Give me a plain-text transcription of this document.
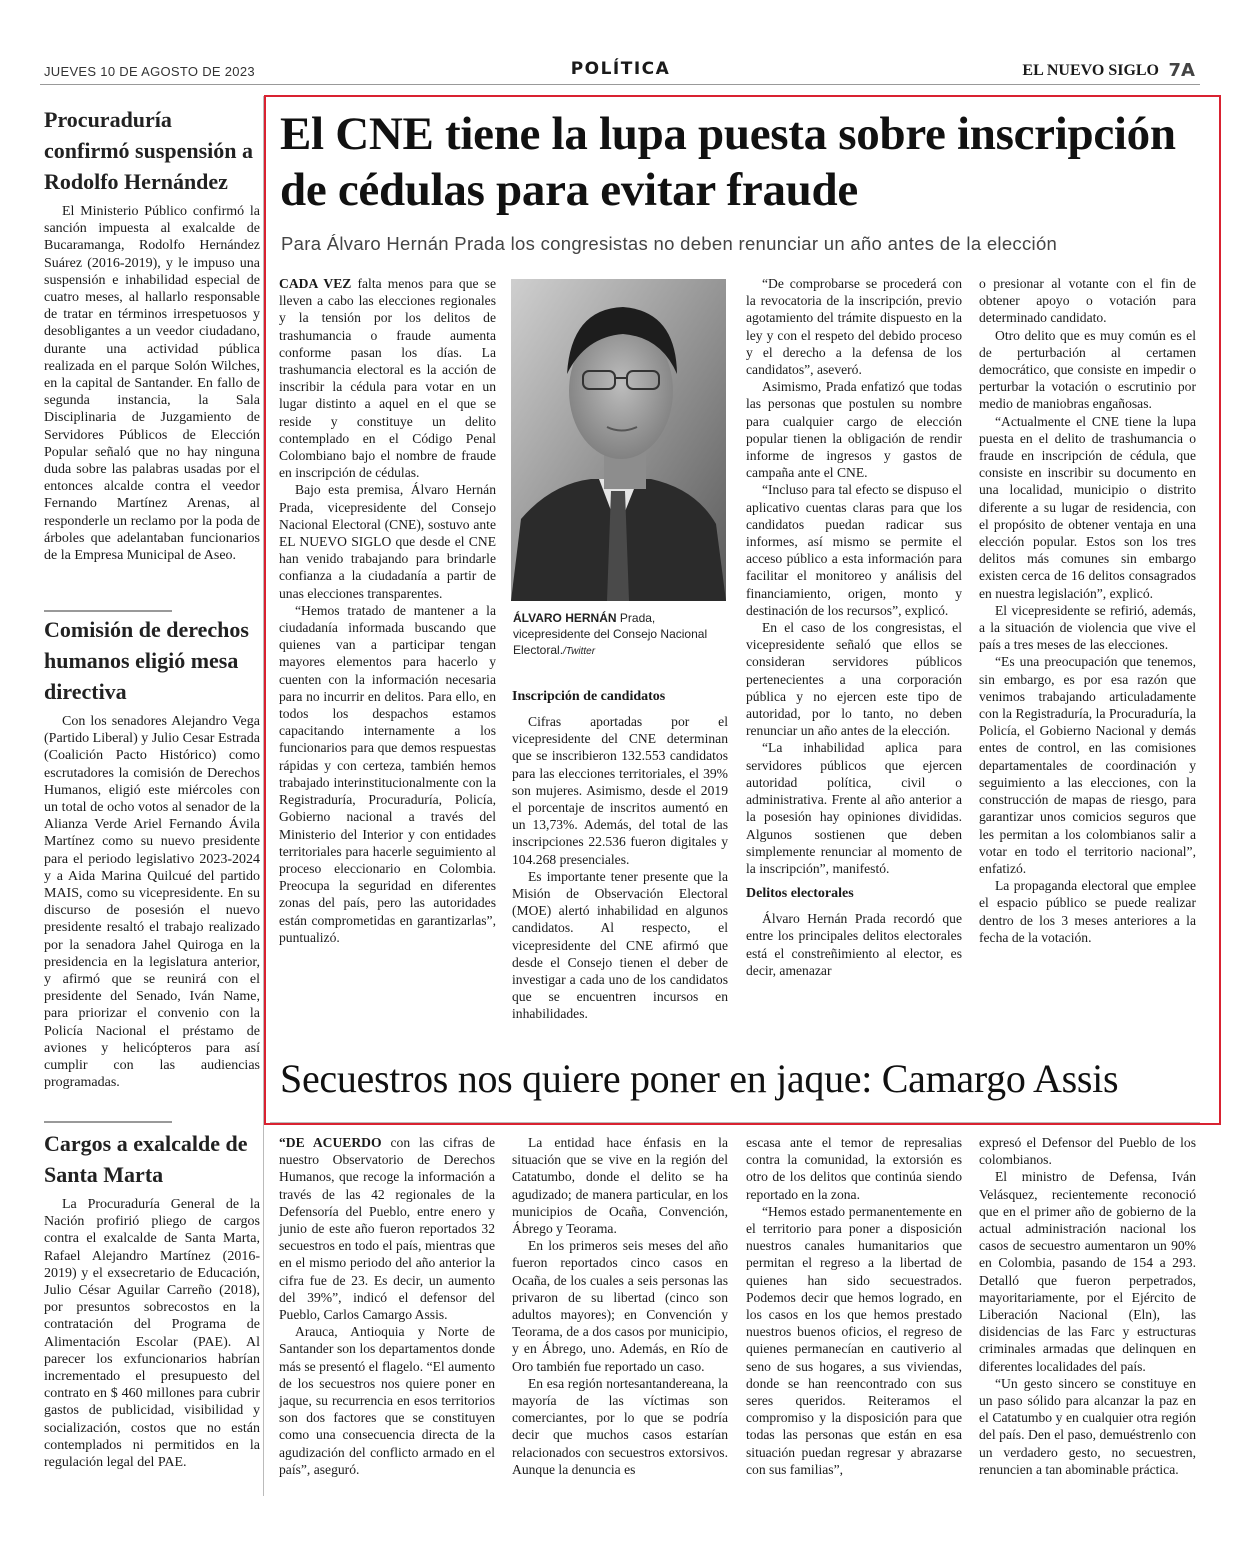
JUEVES 10 DE AGOSTO DE 2023	POLÍTICA	EL NUEVO SIGLO 7A
Procuraduría confirmó suspensión a Rodolfo Hernández

El Ministerio Público confirmó la sanción impuesta al exalcalde de Bucaramanga, Rodolfo Hernández Suárez (2016-2019), y le impuso una suspensión e inhabilidad especial de cuatro meses, al hallarlo responsable de tratar en términos irrespetuosos y desobligantes a un veedor ciudadano, durante una actividad pública realizada en el parque Solón Wilches, en la capital de Santander. En fallo de segunda instancia, la Sala Disciplinaria de Juzgamiento de Servidores Públicos de Elección Popular señaló que no hay ninguna duda sobre las palabras usadas por el entonces alcalde contra el veedor Fernando Martínez Arenas, al responderle un reclamo por la poda de árboles que adelantaban funcionarios de la Empresa Municipal de Aseo.

Comisión de derechos humanos eligió mesa directiva

Con los senadores Alejandro Vega (Partido Liberal) y Julio Cesar Estrada (Coalición Pacto Histórico) como escrutadores la comisión de Derechos Humanos, eligió este miércoles con un total de ocho votos al senador de la Alianza Verde Ariel Fernando Ávila Martínez como su nuevo presidente para el periodo legislativo 2023-2024 y a Aida Marina Quilcué del partido MAIS, como su vicepresidente. En su discurso de posesión el nuevo presidente resaltó el trabajo realizado por la senadora Jahel Quiroga en la presidencia en la legislatura anterior, y afirmó que se reunirá con el presidente del Senado, Iván Name, para priorizar el convenio con la Policía Nacional el préstamo de aviones y helicópteros para así cumplir con las audiencias programadas.

Cargos a exalcalde de Santa Marta

La Procuraduría General de la Nación profirió pliego de cargos contra el exalcalde de Santa Marta, Rafael Alejandro Martínez (2016-2019) y el exsecretario de Educación, Julio César Aguilar Carreño (2018), por presuntos sobrecostos en la contratación del Programa de Alimentación Escolar (PAE). Al parecer los exfuncionarios habrían incrementado el presupuesto del contrato en $ 460 millones para cubrir gastos de publicidad, visibilidad y socialización, costos que no están contemplados ni permitidos en la regulación legal del PAE.

El CNE tiene la lupa puesta sobre inscripción de cédulas para evitar fraude
Para Álvaro Hernán Prada los congresistas no deben renunciar un año antes de la elección

CADA VEZ falta menos para que se lleven a cabo las elecciones regionales y la tensión por los delitos de trashumancia o fraude aumenta conforme pasan los días. La trashumancia electoral es la acción de inscribir la cédula para votar en un lugar distinto a aquel en el que se reside y constituye un delito contemplado en el Código Penal Colombiano bajo el nombre de fraude en inscripción de cédulas.

Bajo esta premisa, Álvaro Hernán Prada, vicepresidente del Consejo Nacional Electoral (CNE), sostuvo ante EL NUEVO SIGLO que desde el CNE han venido trabajando para brindarle confianza a la ciudadanía a partir de unas elecciones transparentes.

“Hemos tratado de mantener a la ciudadanía informada buscando que quienes van a participar tengan mayores elementos para hacerlo y cuenten con la información necesaria para no incurrir en delitos. Para ello, en todos los despachos estamos capacitando internamente a los funcionarios para que demos respuestas rápidas y con certeza, también hemos trabajado interinstitucionalmente con la Registraduría, Procuraduría, Policía, Gobierno nacional a través del Ministerio del Interior y con entidades territoriales para hacerle seguimiento al proceso eleccionario en Colombia. Preocupa la seguridad en diferentes zonas del país, pero las autoridades están comprometidas en garantizarlas”, puntualizó.

ÁLVARO HERNÁN Prada, vicepresidente del Consejo Nacional Electoral./Twitter
Inscripción de candidatos

Cifras aportadas por el vicepresidente del CNE determinan que se inscribieron 132.553 candidatos para las elecciones territoriales, el 39% son mujeres. Asimismo, desde el 2019 el porcentaje de inscritos aumentó en un 13,73%. Además, del total de las inscripciones 22.536 fueron digitales y 104.268 presenciales.

Es importante tener presente que la Misión de Observación Electoral (MOE) alertó inhabilidad en algunos candidatos. Al respecto, el vicepresidente del CNE afirmó que desde el Consejo tienen el deber de investigar a cada uno de los candidatos que se encuentren incursos en inhabilidades.

“De comprobarse se procederá con la revocatoria de la inscripción, previo agotamiento del trámite dispuesto en la ley y con el respeto del debido proceso y el derecho a la defensa de los candidatos”, aseveró.

Asimismo, Prada enfatizó que todas las personas que postulen su nombre para cualquier cargo de elección popular tienen la obligación de rendir informe de ingresos y gastos de campaña ante el CNE.

“Incluso para tal efecto se dispuso el aplicativo cuentas claras para que los candidatos puedan radicar sus informes, así mismo se permite el acceso público a esta información para facilitar el monitoreo y análisis del financiamiento, origen, monto y destinación de los recursos”, explicó.

En el caso de los congresistas, el vicepresidente señaló que ellos se consideran servidores públicos pertenecientes a una corporación pública y no ejercen este tipo de autoridad, por lo tanto, no deben renunciar un año antes de la elección.

“La inhabilidad aplica para servidores públicos que ejercen autoridad política, civil o administrativa. Frente al año anterior a la posesión hay opiniones divididas. Algunos sostienen que deben simplemente renunciar al momento de la inscripción”, manifestó.

Delitos electorales

Álvaro Hernán Prada recordó que entre los principales delitos electorales está el constreñimiento al elector, es decir, amenazar

o presionar al votante con el fin de obtener apoyo o votación para determinado candidato.

Otro delito que es muy común es el de perturbación al certamen democrático, que consiste en impedir o perturbar la votación o escrutinio por medio de maniobras engañosas.

“Actualmente el CNE tiene la lupa puesta en el delito de trashumancia o fraude en inscripción de cédula, que consiste en inscribir su documento en una localidad, municipio o distrito diferente a su lugar de residencia, con el propósito de obtener ventaja en una elección popular. Estos son los tres delitos más comunes sin embargo existen cerca de 16 delitos consagrados en nuestra legislación”, explicó.

El vicepresidente se refirió, además, a la situación de violencia que vive el país a tres meses de las elecciones.

“Es una preocupación que tenemos, sin embargo, es por esa razón que venimos trabajando articuladamente con la Registraduría, la Procuraduría, la Policía, el Gobierno Nacional y demás entes de control, en las comisiones departamentales de coordinación y seguimiento a las elecciones, con la construcción de mapas de riesgo, para garantizar unos comicios seguros que les permitan a los colombianos salir a votar en todo el territorio nacional”, enfatizó.

La propaganda electoral que emplee el espacio público se puede realizar dentro de los 3 meses anteriores a la fecha de la votación.

Secuestros nos quiere poner en jaque: Camargo Assis

“DE ACUERDO con las cifras de nuestro Observatorio de Derechos Humanos, que recoge la información a través de las 42 regionales de la Defensoría del Pueblo, entre enero y junio de este año fueron reportados 32 secuestros en todo el país, mientras que en el mismo periodo del año anterior la cifra fue de 23. Es decir, un aumento del 39%”, indicó el defensor del Pueblo, Carlos Camargo Assis.

Arauca, Antioquia y Norte de Santander son los departamentos donde más se presentó el flagelo. “El aumento de los secuestros nos quiere poner en jaque, su recurrencia en esos territorios son dos factores que se constituyen como una consecuencia directa de la agudización del conflicto armado en el país”, aseguró.

La entidad hace énfasis en la situación que se vive en la región del Catatumbo, donde el delito se ha agudizado; de manera particular, en los municipios de Ocaña, Convención, Ábrego y Teorama.

En los primeros seis meses del año fueron reportados cinco casos en Ocaña, de los cuales a seis personas las privaron de su libertad (cinco son adultos mayores); en Convención y Teorama, de a dos casos por municipio, y en Ábrego, uno. Además, en Río de Oro también fue reportado un caso.

En esa región nortesantandereana, la mayoría de las víctimas son comerciantes, por lo que se podría decir que muchos casos estarían relacionados con secuestros extorsivos. Aunque la denuncia es

escasa ante el temor de represalias contra la comunidad, la extorsión es otro de los delitos que continúa siendo reportado en la zona.

“Hemos estado permanentemente en el territorio para poner a disposición nuestros canales humanitarios que permitan el regreso a la libertad de quienes han sido secuestrados. Podemos decir que hemos logrado, en los casos en los que hemos prestado nuestros buenos oficios, el regreso de quienes permanecían en cautiverio al seno de sus hogares, a sus viviendas, donde se han reencontrado con sus seres queridos. Reiteramos el compromiso y la disposición para que todas las personas que están en esa situación puedan regresar y abrazarse con sus familias”,

expresó el Defensor del Pueblo de los colombianos.

El ministro de Defensa, Iván Velásquez, recientemente reconoció que en el primer año de gobierno de la actual administración nacional los casos de secuestro aumentaron un 90% en Colombia, pasando de 154 a 293. Detalló que fueron perpetrados, mayoritariamente, por el Ejército de Liberación Nacional (Eln), las disidencias de las Farc y estructuras criminales armadas que delinquen en diferentes localidades del país.

“Un gesto sincero se constituye en un paso sólido para alcanzar la paz en el Catatumbo y en cualquier otra región del país. Den el paso, demuéstrenlo con un verdadero gesto, no secuestren, renuncien a tan abominable práctica.
